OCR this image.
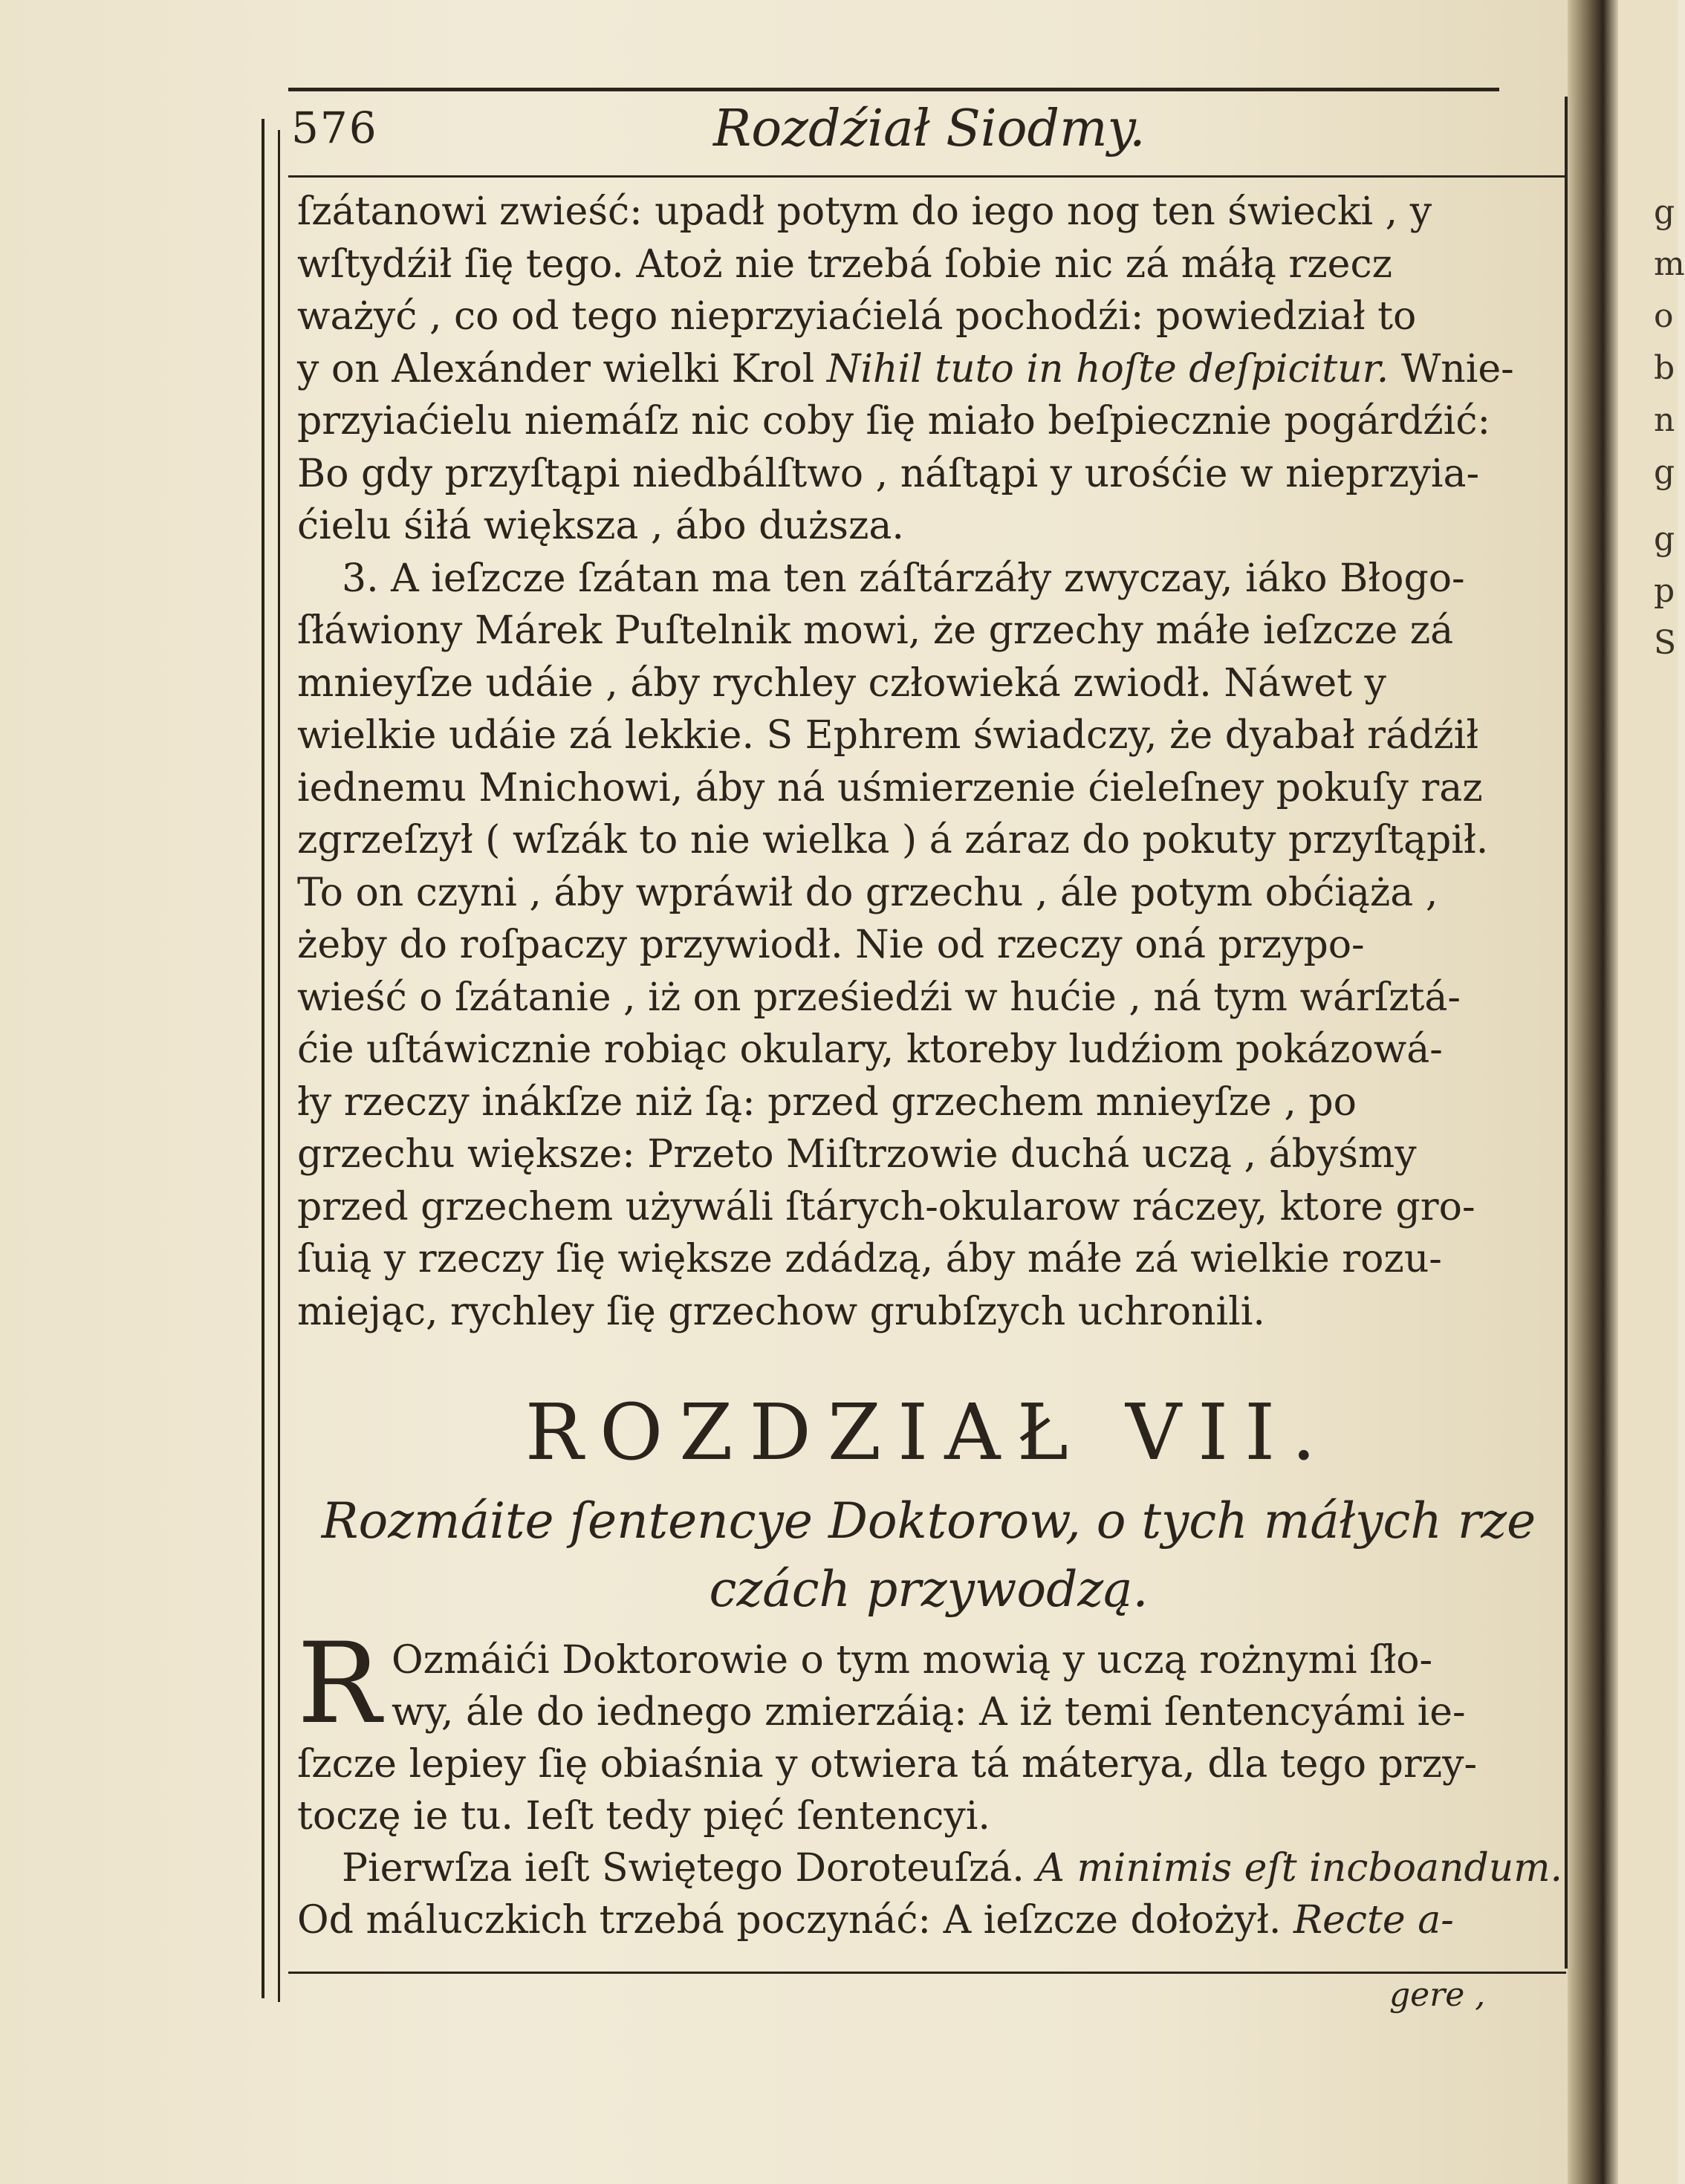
g
m
o
b
n
g
g
p
S
576	Rozdźiał Siodmy.
ſzátanowi zwieść: upadł potym do iego nog ten świecki , y
wſtydźił ſię tego. Atoż nie trzebá ſobie nic zá máłą rzecz
ważyć , co od tego nieprzyiaćielá pochodźi: powiedział to
y on Alexánder wielki Krol Nihil tuto in hoſte deſpicitur. Wnie-
przyiaćielu niemáſz nic coby ſię miało beſpiecznie pogárdźić:
Bo gdy przyſtąpi niedbálſtwo , náſtąpi y urośćie w nieprzyia-
ćielu śiłá większa , ábo duższa.
3. A ieſzcze ſzátan ma ten záſtárzáły zwyczay, iáko Błogo-
ſłáwiony Márek Puſtelnik mowi, że grzechy máłe ieſzcze zá
mnieyſze udáie , áby rychley człowieká zwiodł. Náwet y
wielkie udáie zá lekkie. S Ephrem świadczy, że dyabał rádźił
iednemu Mnichowi, áby ná uśmierzenie ćieleſney pokuſy raz
zgrzeſzył ( wſzák to nie wielka ) á záraz do pokuty przyſtąpił.
To on czyni , áby wpráwił do grzechu , ále potym obćiąża ,
żeby do roſpaczy przywiodł. Nie od rzeczy oná przypo-
wieść o ſzátanie , iż on prześiedźi w hućie , ná tym wárſztá-
ćie uſtáwicznie robiąc okulary, ktoreby ludźiom pokázowá-
ły rzeczy inákſze niż ſą: przed grzechem mnieyſze , po
grzechu większe: Przeto Miſtrzowie duchá uczą , ábyśmy
przed grzechem używáli ſtárych-okularow ráczey, ktore gro-
ſuią y rzeczy ſię większe zdádzą, áby máłe zá wielkie rozu-
miejąc, rychley ſię grzechow grubſzych uchronili.
ROZDZIAŁ VII.
Rozmáite ſentencye Doktorow, o tych máłych rze
czách przywodzą.
R Ozmáići Doktorowie o tym mowią y uczą rożnymi ſło-
wy, ále do iednego zmierzáią: A iż temi ſentencyámi ie-
ſzcze lepiey ſię obiaśnia y otwiera tá máterya, dla tego przy-
toczę ie tu. Ieſt tedy pięć ſentencyi.
Pierwſza ieſt Swiętego Doroteuſzá. A minimis eſt incboandum.
Od máluczkich trzebá poczynáć: A ieſzcze dołożył. Recte a-
gere ,
